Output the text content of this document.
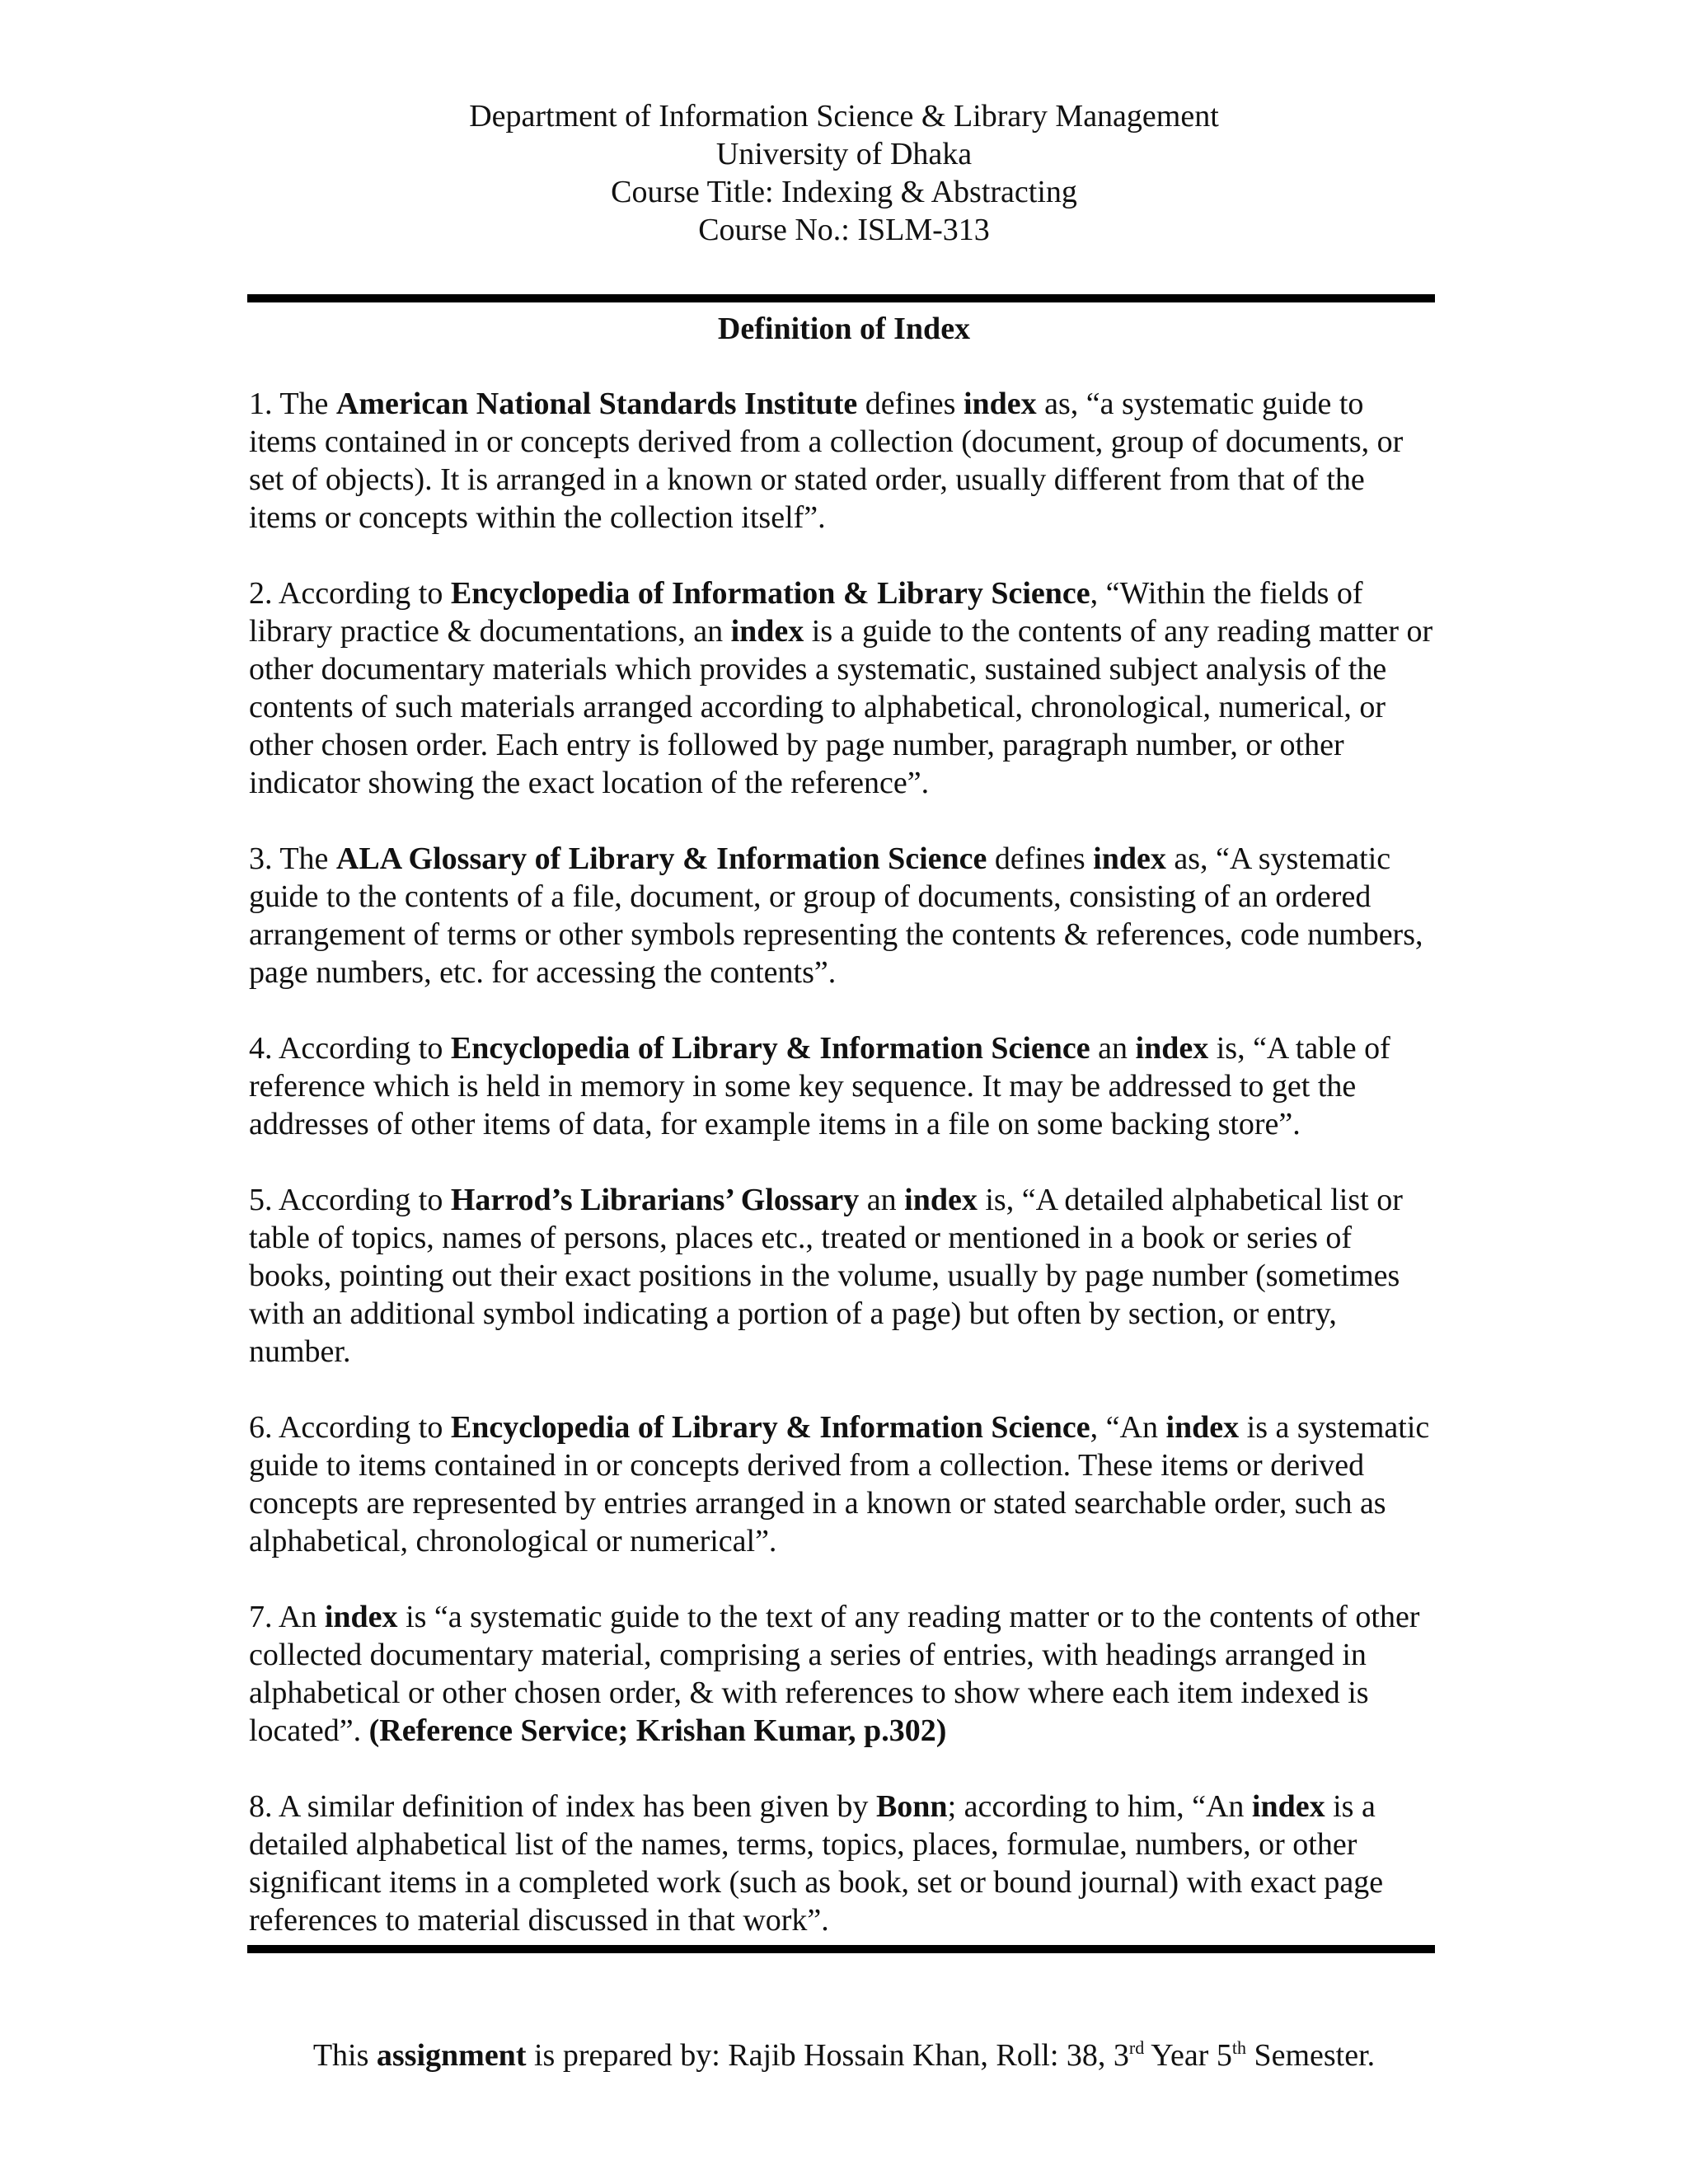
Department of Information Science & Library Management
University of Dhaka
Course Title: Indexing & Abstracting
Course No.: ISLM-313
Definition of Index

1. The American National Standards Institute defines index as, “a systematic guide to items contained in or concepts derived from a collection (document, group of documents, or set of objects). It is arranged in a known or stated order, usually different from that of the items or concepts within the collection itself”.

2. According to Encyclopedia of Information & Library Science, “Within the fields of library practice & documentations, an index is a guide to the contents of any reading matter or other documentary materials which provides a systematic, sustained subject analysis of the contents of such materials arranged according to alphabetical, chronological, numerical, or other chosen order. Each entry is followed by page number, paragraph number, or other indicator showing the exact location of the reference”.

3. The ALA Glossary of Library & Information Science defines index as, “A systematic guide to the contents of a file, document, or group of documents, consisting of an ordered arrangement of terms or other symbols representing the contents & references, code numbers, page numbers, etc. for accessing the contents”.

4. According to Encyclopedia of Library & Information Science an index is, “A table of reference which is held in memory in some key sequence. It may be addressed to get the addresses of other items of data, for example items in a file on some backing store”.

5. According to Harrod’s Librarians’ Glossary an index is, “A detailed alphabetical list or table of topics, names of persons, places etc., treated or mentioned in a book or series of books, pointing out their exact positions in the volume, usually by page number (sometimes with an additional symbol indicating a portion of a page) but often by section, or entry, number.

6. According to Encyclopedia of Library & Information Science, “An index is a systematic guide to items contained in or concepts derived from a collection. These items or derived concepts are represented by entries arranged in a known or stated searchable order, such as alphabetical, chronological or numerical”.

7. An index is “a systematic guide to the text of any reading matter or to the contents of other collected documentary material, comprising a series of entries, with headings arranged in alphabetical or other chosen order, & with references to show where each item indexed is located”. (Reference Service; Krishan Kumar, p.302)

8. A similar definition of index has been given by Bonn; according to him, “An index is a detailed alphabetical list of the names, terms, topics, places, formulae, numbers, or other significant items in a completed work (such as book, set or bound journal) with exact page references to material discussed in that work”.

This assignment is prepared by: Rajib Hossain Khan, Roll: 38, 3rd Year 5th Semester.
